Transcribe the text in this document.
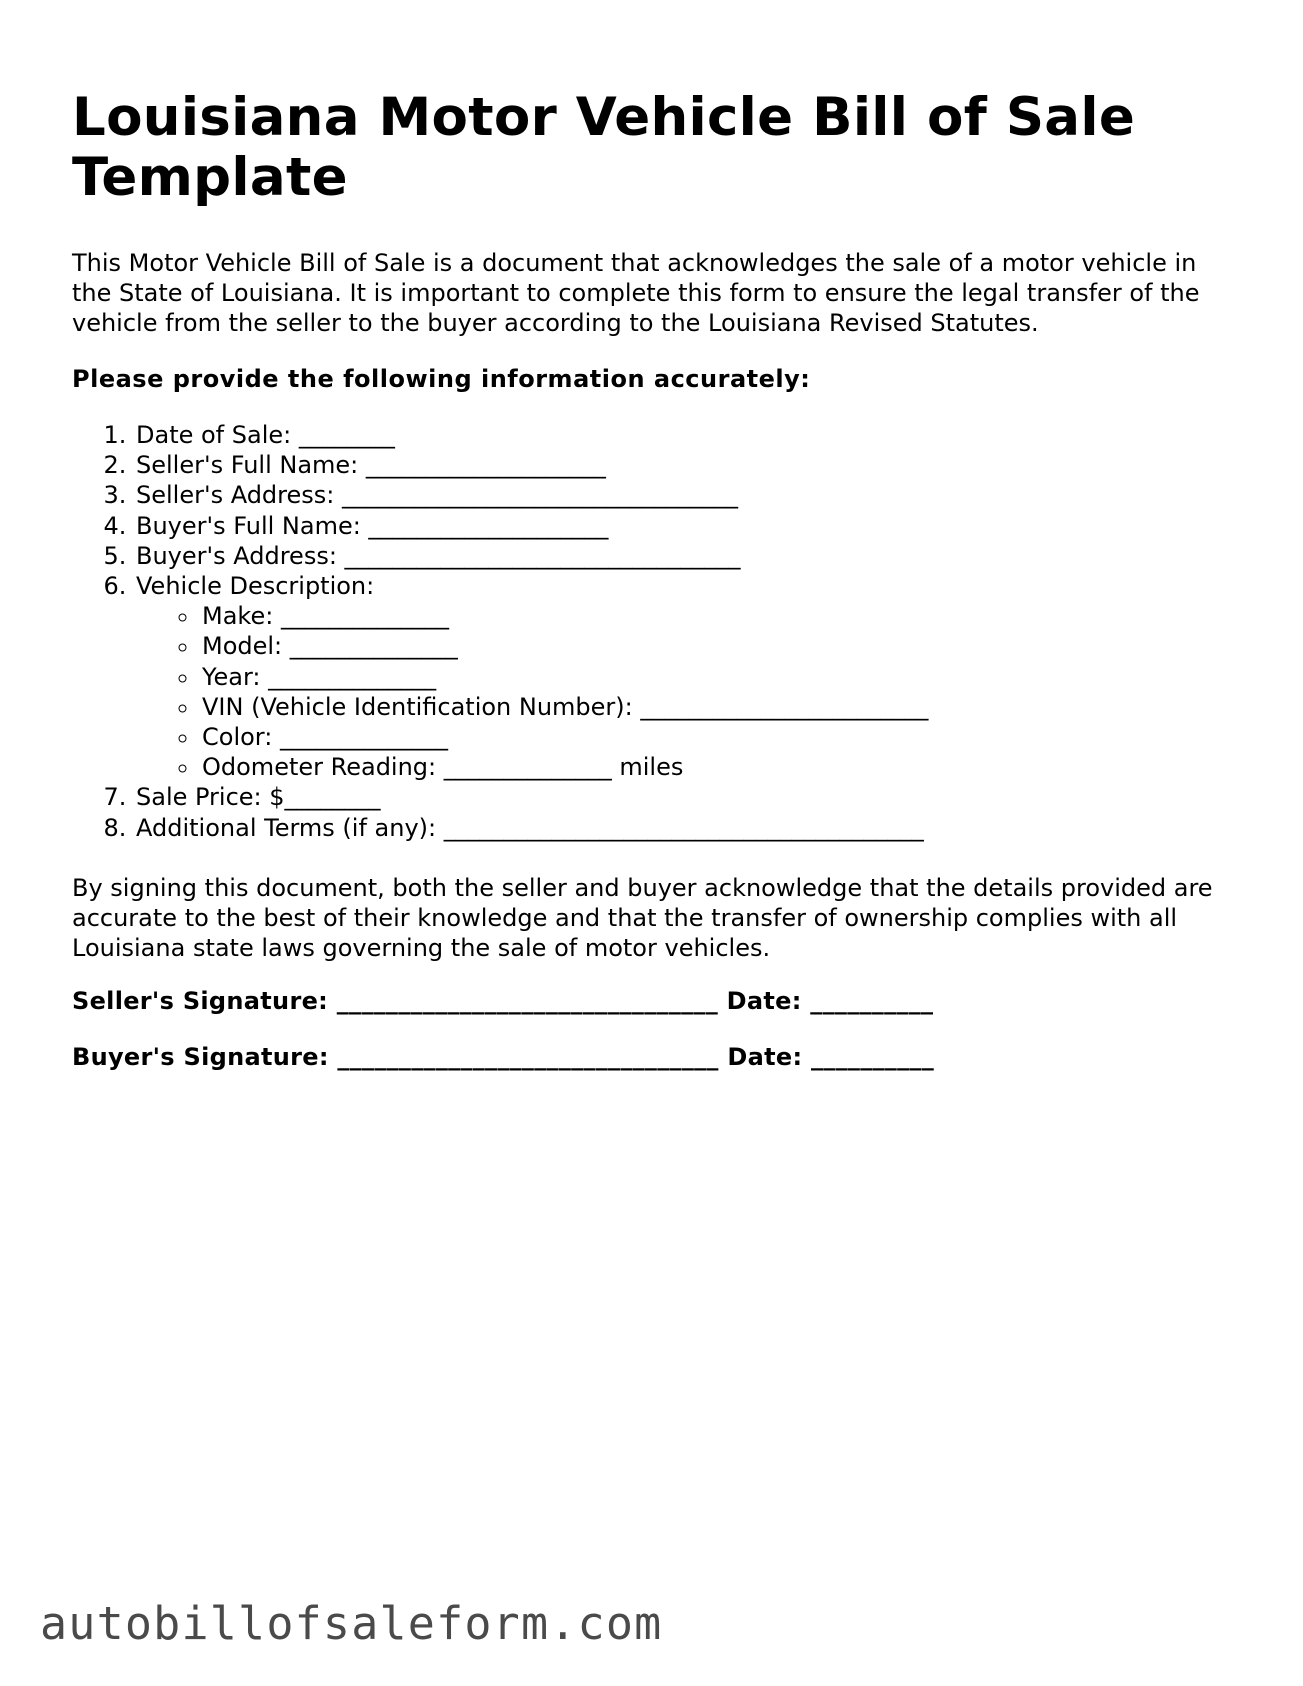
Louisiana Motor Vehicle Bill of Sale Template

This Motor Vehicle Bill of Sale is a document that acknowledges the sale of a motor vehicle in the State of Louisiana. It is important to complete this form to ensure the legal transfer of the vehicle from the seller to the buyer according to the Louisiana Revised Statutes.

Please provide the following information accurately:

1. Date of Sale: ________
2. Seller's Full Name: ____________________
3. Seller's Address: _________________________________
4. Buyer's Full Name: ____________________
5. Buyer's Address: _________________________________
6. Vehicle Description:
◦ Make: ______________
◦ Model: ______________
◦ Year: ______________
◦ VIN (Vehicle Identification Number): ________________________
◦ Color: ______________
◦ Odometer Reading: ______________ miles
7. Sale Price: $________
8. Additional Terms (if any): ________________________________________

By signing this document, both the seller and buyer acknowledge that the details provided are accurate to the best of their knowledge and that the transfer of ownership complies with all Louisiana state laws governing the sale of motor vehicles.

Seller's Signature: _______________________________ Date: __________

Buyer's Signature: _______________________________ Date: __________

autobillofsaleform.com
